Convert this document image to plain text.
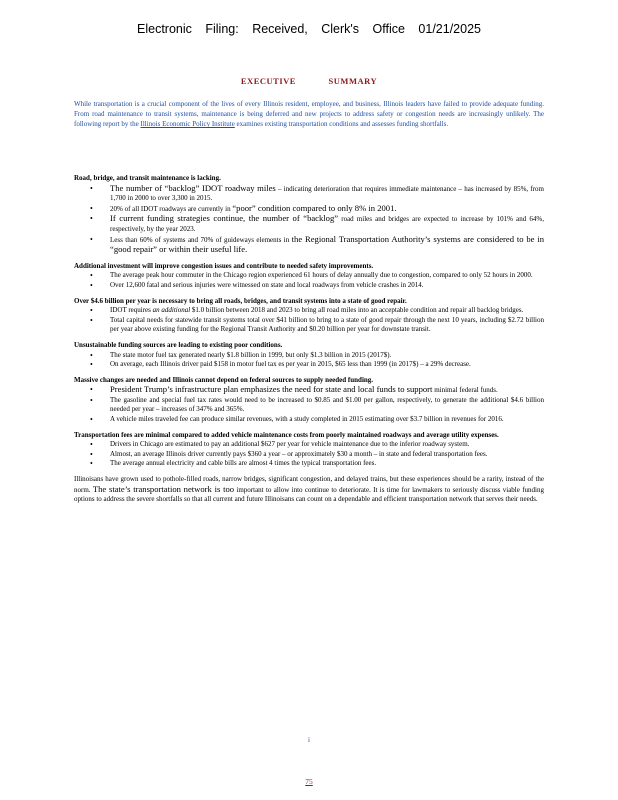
Electronic Filing: Received, Clerk's Office 01/21/2025
EXECUTIVE SUMMARY
While transportation is a crucial component of the lives of every Illinois resident, employee, and business, Illinois leaders have failed to provide adequate funding. From road maintenance to transit systems, maintenance is being deferred and new projects to address safety or congestion needs are increasingly unlikely. The following report by the Illinois Economic Policy Institute examines existing transportation conditions and assesses funding shortfalls.
Road, bridge, and transit maintenance is lacking.
• The number of “backlog” IDOT roadway miles – indicating deterioration that requires immediate maintenance – has increased by 85%, from 1,700 in 2000 to over 3,300 in 2015.
• 20% of all IDOT roadways are currently in “poor” condition compared to only 8% in 2001.
• If current funding strategies continue, the number of “backlog” road miles and bridges are expected to increase by 101% and 64%, respectively, by the year 2023.
• Less than 60% of systems and 70% of guideways elements in the Regional Transportation Authority’s systems are considered to be in “good repair” or within their useful life.
Additional investment will improve congestion issues and contribute to needed safety improvements.
• The average peak hour commuter in the Chicago region experienced 61 hours of delay annually due to congestion, compared to only 52 hours in 2000.
• Over 12,600 fatal and serious injuries were witnessed on state and local roadways from vehicle crashes in 2014.
Over $4.6 billion per year is necessary to bring all roads, bridges, and transit systems into a state of good repair.
• IDOT requires an additional $1.0 billion between 2018 and 2023 to bring all road miles into an acceptable condition and repair all backlog bridges.
• Total capital needs for statewide transit systems total over $41 billion to bring to a state of good repair through the next 10 years, including $2.72 billion per year above existing funding for the Regional Transit Authority and $0.20 billion per year for downstate transit.
Unsustainable funding sources are leading to existing poor conditions.
• The state motor fuel tax generated nearly $1.8 billion in 1999, but only $1.3 billion in 2015 (2017$).
• On average, each Illinois driver paid $158 in motor fuel tax es per year in 2015, $65 less than 1999 (in 2017$) – a 29% decrease.
Massive changes are needed and Illinois cannot depend on federal sources to supply needed funding.
• President Trump’s infrastructure plan emphasizes the need for state and local funds to support minimal federal funds.
• The gasoline and special fuel tax rates would need to be increased to $0.85 and $1.00 per gallon, respectively, to generate the additional $4.6 billion needed per year – increases of 347% and 365%.
• A vehicle miles traveled fee can produce similar revenues, with a study completed in 2015 estimating over $3.7 billion in revenues for 2016.
Transportation fees are minimal compared to added vehicle maintenance costs from poorly maintained roadways and average utility expenses.
• Drivers in Chicago are estimated to pay an additional $627 per year for vehicle maintenance due to the inferior roadway system.
• Almost, an average Illinois driver currently pays $360 a year – or approximately $30 a month – in state and federal transportation fees.
• The average annual electricity and cable bills are almost 4 times the typical transportation fees.
Illinoisans have grown used to pothole-filled roads, narrow bridges, significant congestion, and delayed trains, but these experiences should be a rarity, instead of the norm. The state’s transportation network is too important to allow into continue to deteriorate. It is time for lawmakers to seriously discuss viable funding options to address the severe shortfalls so that all current and future Illinoisans can count on a dependable and efficient transportation network that serves their needs.
i
75
